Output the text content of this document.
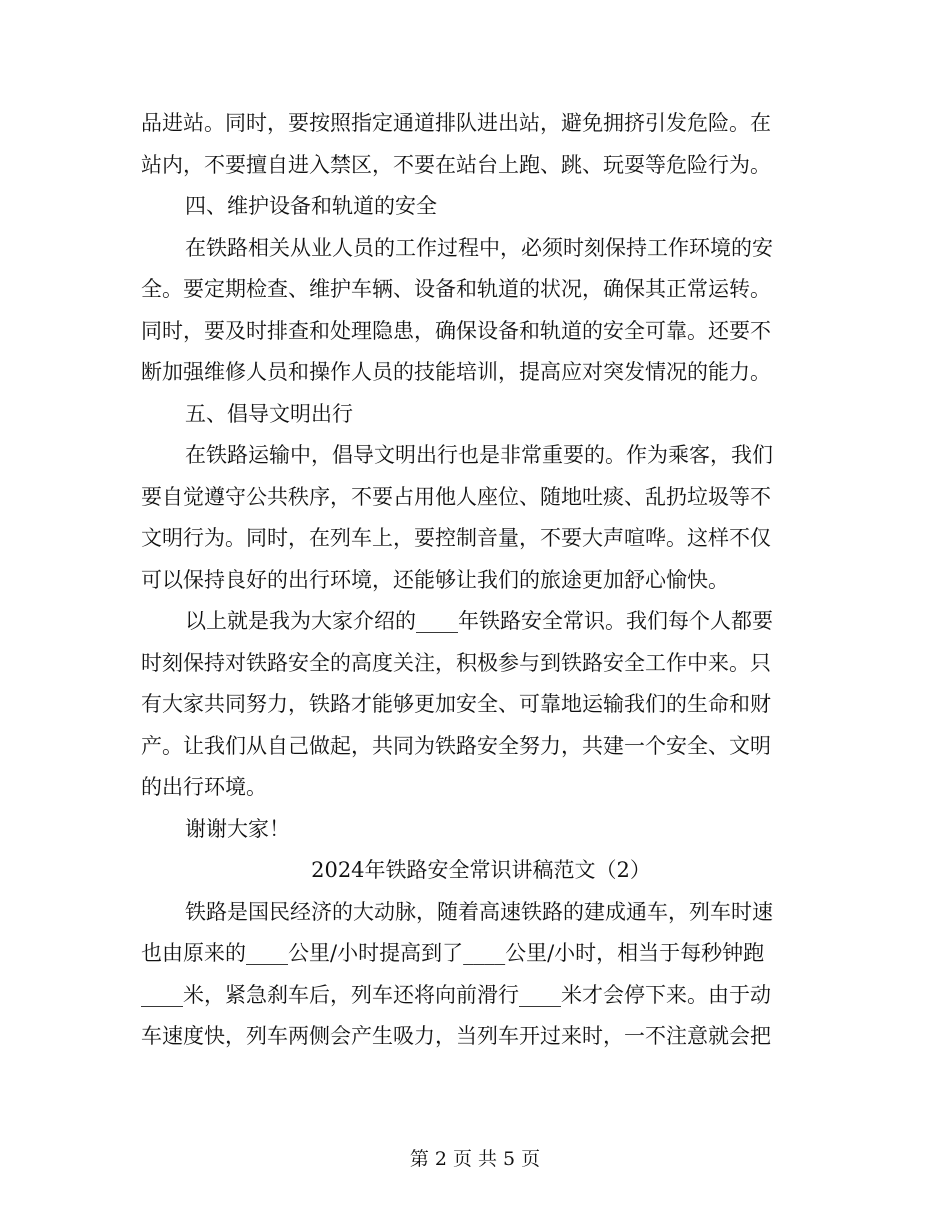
品进站。同时，要按照指定通道排队进出站，避免拥挤引发危险。在
站内，不要擅自进入禁区，不要在站台上跑、跳、玩耍等危险行为。
四、维护设备和轨道的安全
在铁路相关从业人员的工作过程中，必须时刻保持工作环境的安
全。要定期检查、维护车辆、设备和轨道的状况，确保其正常运转。
同时，要及时排查和处理隐患，确保设备和轨道的安全可靠。还要不
断加强维修人员和操作人员的技能培训，提高应对突发情况的能力。
五、倡导文明出行
在铁路运输中，倡导文明出行也是非常重要的。作为乘客，我们
要自觉遵守公共秩序，不要占用他人座位、随地吐痰、乱扔垃圾等不
文明行为。同时，在列车上，要控制音量，不要大声喧哗。这样不仅
可以保持良好的出行环境，还能够让我们的旅途更加舒心愉快。
以上就是我为大家介绍的____年铁路安全常识。我们每个人都要
时刻保持对铁路安全的高度关注，积极参与到铁路安全工作中来。只
有大家共同努力，铁路才能够更加安全、可靠地运输我们的生命和财
产。让我们从自己做起，共同为铁路安全努力，共建一个安全、文明
的出行环境。
谢谢大家！
2024年铁路安全常识讲稿范文（2）
铁路是国民经济的大动脉，随着高速铁路的建成通车，列车时速
也由原来的____公里/小时提高到了____公里/小时，相当于每秒钟跑
____米，紧急刹车后，列车还将向前滑行____米才会停下来。由于动
车速度快，列车两侧会产生吸力，当列车开过来时，一不注意就会把
第 2 页 共 5 页
